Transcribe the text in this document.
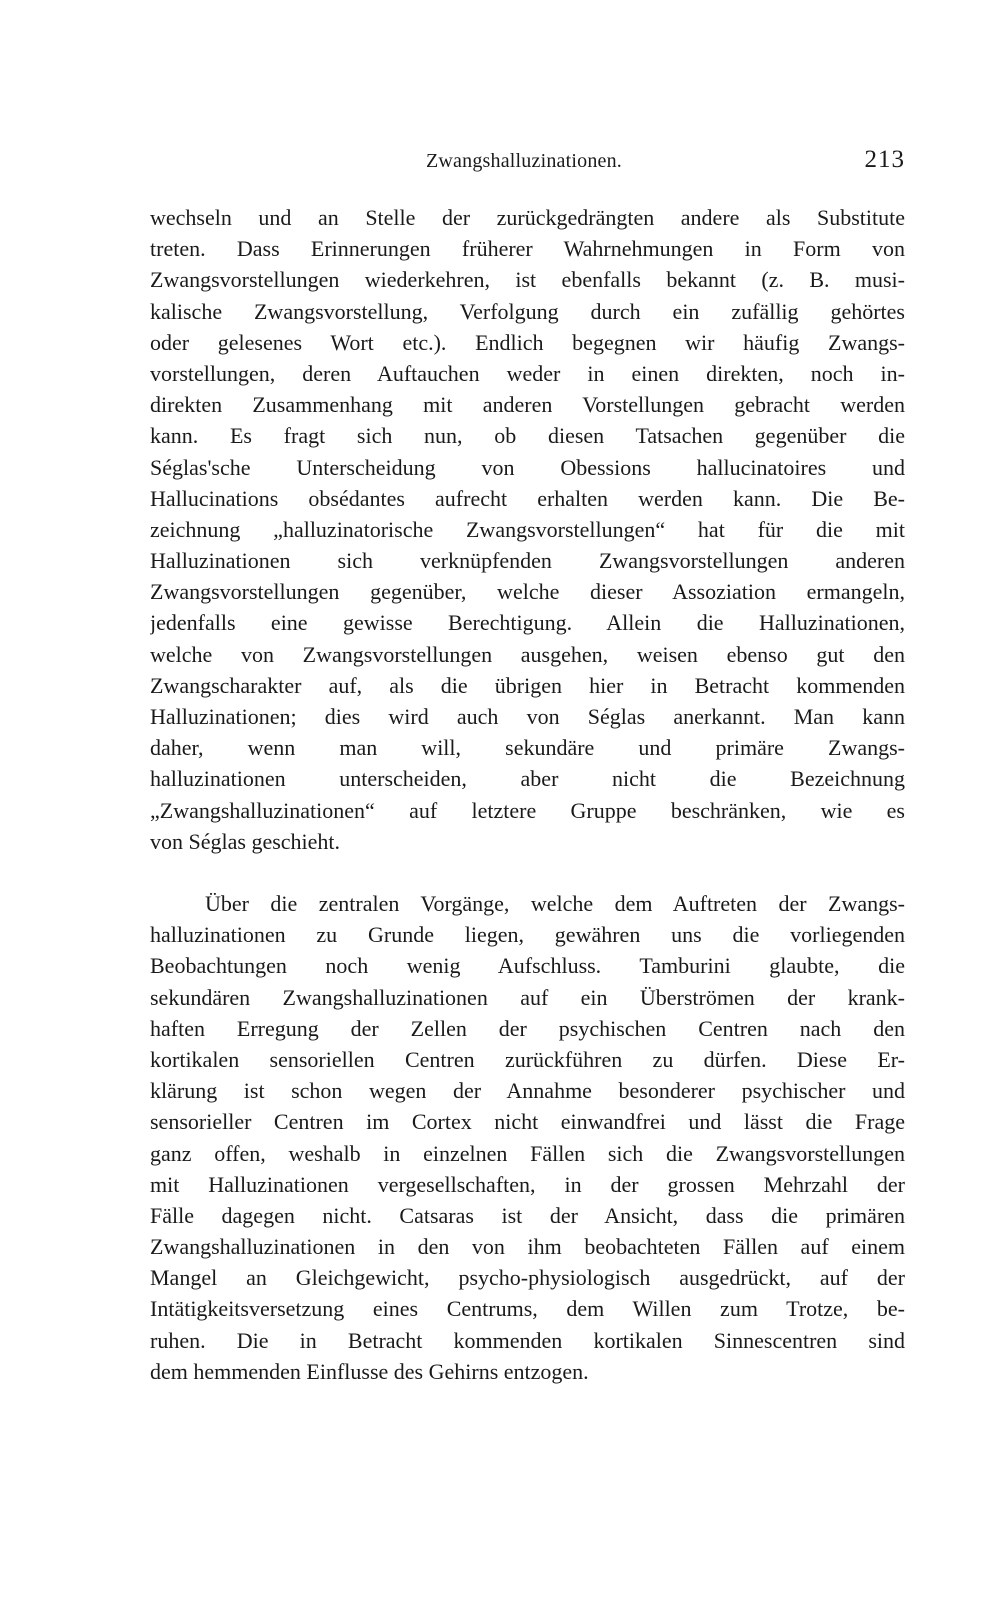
Zwangshalluzinationen.	213
wechseln und an Stelle der zurückgedrängten andere als Substitute
treten. Dass Erinnerungen früherer Wahrnehmungen in Form von
Zwangsvorstellungen wiederkehren, ist ebenfalls bekannt (z. B. musi-
kalische Zwangsvorstellung, Verfolgung durch ein zufällig gehörtes
oder gelesenes Wort etc.). Endlich begegnen wir häufig Zwangs-
vorstellungen, deren Auftauchen weder in einen direkten, noch in-
direkten Zusammenhang mit anderen Vorstellungen gebracht werden
kann. Es fragt sich nun, ob diesen Tatsachen gegenüber die
Séglas'sche Unterscheidung von Obessions hallucinatoires und
Hallucinations obsédantes aufrecht erhalten werden kann. Die Be-
zeichnung „halluzinatorische Zwangsvorstellungen“ hat für die mit
Halluzinationen sich verknüpfenden Zwangsvorstellungen anderen
Zwangsvorstellungen gegenüber, welche dieser Assoziation ermangeln,
jedenfalls eine gewisse Berechtigung. Allein die Halluzinationen,
welche von Zwangsvorstellungen ausgehen, weisen ebenso gut den
Zwangscharakter auf, als die übrigen hier in Betracht kommenden
Halluzinationen; dies wird auch von Séglas anerkannt. Man kann
daher, wenn man will, sekundäre und primäre Zwangs-
halluzinationen unterscheiden, aber nicht die Bezeichnung
„Zwangshalluzinationen“ auf letztere Gruppe beschränken, wie es
von Séglas geschieht.
Über die zentralen Vorgänge, welche dem Auftreten der Zwangs-
halluzinationen zu Grunde liegen, gewähren uns die vorliegenden
Beobachtungen noch wenig Aufschluss. Tamburini glaubte, die
sekundären Zwangshalluzinationen auf ein Überströmen der krank-
haften Erregung der Zellen der psychischen Centren nach den
kortikalen sensoriellen Centren zurückführen zu dürfen. Diese Er-
klärung ist schon wegen der Annahme besonderer psychischer und
sensorieller Centren im Cortex nicht einwandfrei und lässt die Frage
ganz offen, weshalb in einzelnen Fällen sich die Zwangsvorstellungen
mit Halluzinationen vergesellschaften, in der grossen Mehrzahl der
Fälle dagegen nicht. Catsaras ist der Ansicht, dass die primären
Zwangshalluzinationen in den von ihm beobachteten Fällen auf einem
Mangel an Gleichgewicht, psycho-physiologisch ausgedrückt, auf der
Intätigkeitsversetzung eines Centrums, dem Willen zum Trotze, be-
ruhen. Die in Betracht kommenden kortikalen Sinnescentren sind
dem hemmenden Einflusse des Gehirns entzogen.
